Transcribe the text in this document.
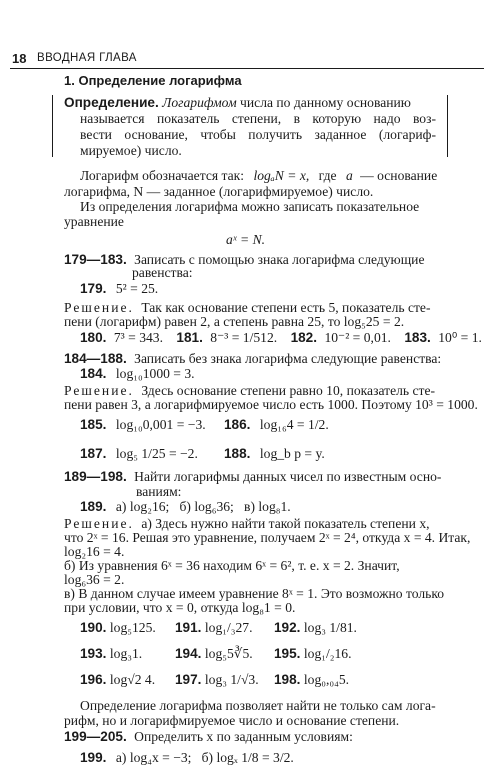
18 ВВОДНАЯ ГЛАВА
1. Определение логарифма
Определение. Логарифмом числа по данному основанию
называется показатель степени, в которую надо воз-
вести основание, чтобы получить заданное (логариф-
мируемое) число.
Логарифм обозначается так: logₐN = x, где a — основание
логарифма, N — заданное (логарифмируемое) число.
Из определения логарифма можно записать показательное
уравнение
aˣ = N.
179—183. Записать с помощью знака логарифма следующие
равенства:
179. 5² = 25.
Решение. Так как основание степени есть 5, показатель сте-
пени (логарифм) равен 2, а степень равна 25, то log₅25 = 2.
180. 7³ = 343. 181. 8⁻³ = 1/512. 182. 10⁻² = 0,01. 183. 10⁰ = 1.
184—188. Записать без знака логарифма следующие равенства:
184. log₁₀1000 = 3.
Решение. Здесь основание степени равно 10, показатель сте-
пени равен 3, а логарифмируемое число есть 1000. Поэтому 10³ = 1000.
185. log₁₀0,001 = −3. 186. log₁₆4 = 1/2.
187. log₅ 1/25 = −2. 188. log_b p = y.
189—198. Найти логарифмы данных чисел по известным осно-
ваниям:
189. а) log₂16;   б) log₆36;   в) log₈1.
Решение. а) Здесь нужно найти такой показатель степени x,
что 2ˣ = 16. Решая это уравнение, получаем 2ˣ = 2⁴, откуда x = 4. Итак,
log₂16 = 4.
б) Из уравнения 6ˣ = 36 находим 6ˣ = 6², т. е. x = 2. Значит,
log₆36 = 2.
в) В данном случае имеем уравнение 8ˣ = 1. Это возможно только
при условии, что x = 0, откуда log₈1 = 0.
190. log₅125. 191. log₁/₃27. 192. log₃ 1/81.
193. log₃1. 194. log₅5∛5. 195. log₁/₂16.
196. log√2 4. 197. log₃ 1/√3. 198. log₀,₀₄5.
Определение логарифма позволяет найти не только сам лога-
рифм, но и логарифмируемое число и основание степени.
199—205. Определить x по заданным условиям:
199. а) log₄x = −3;   б) logₓ 1/8 = 3/2.
